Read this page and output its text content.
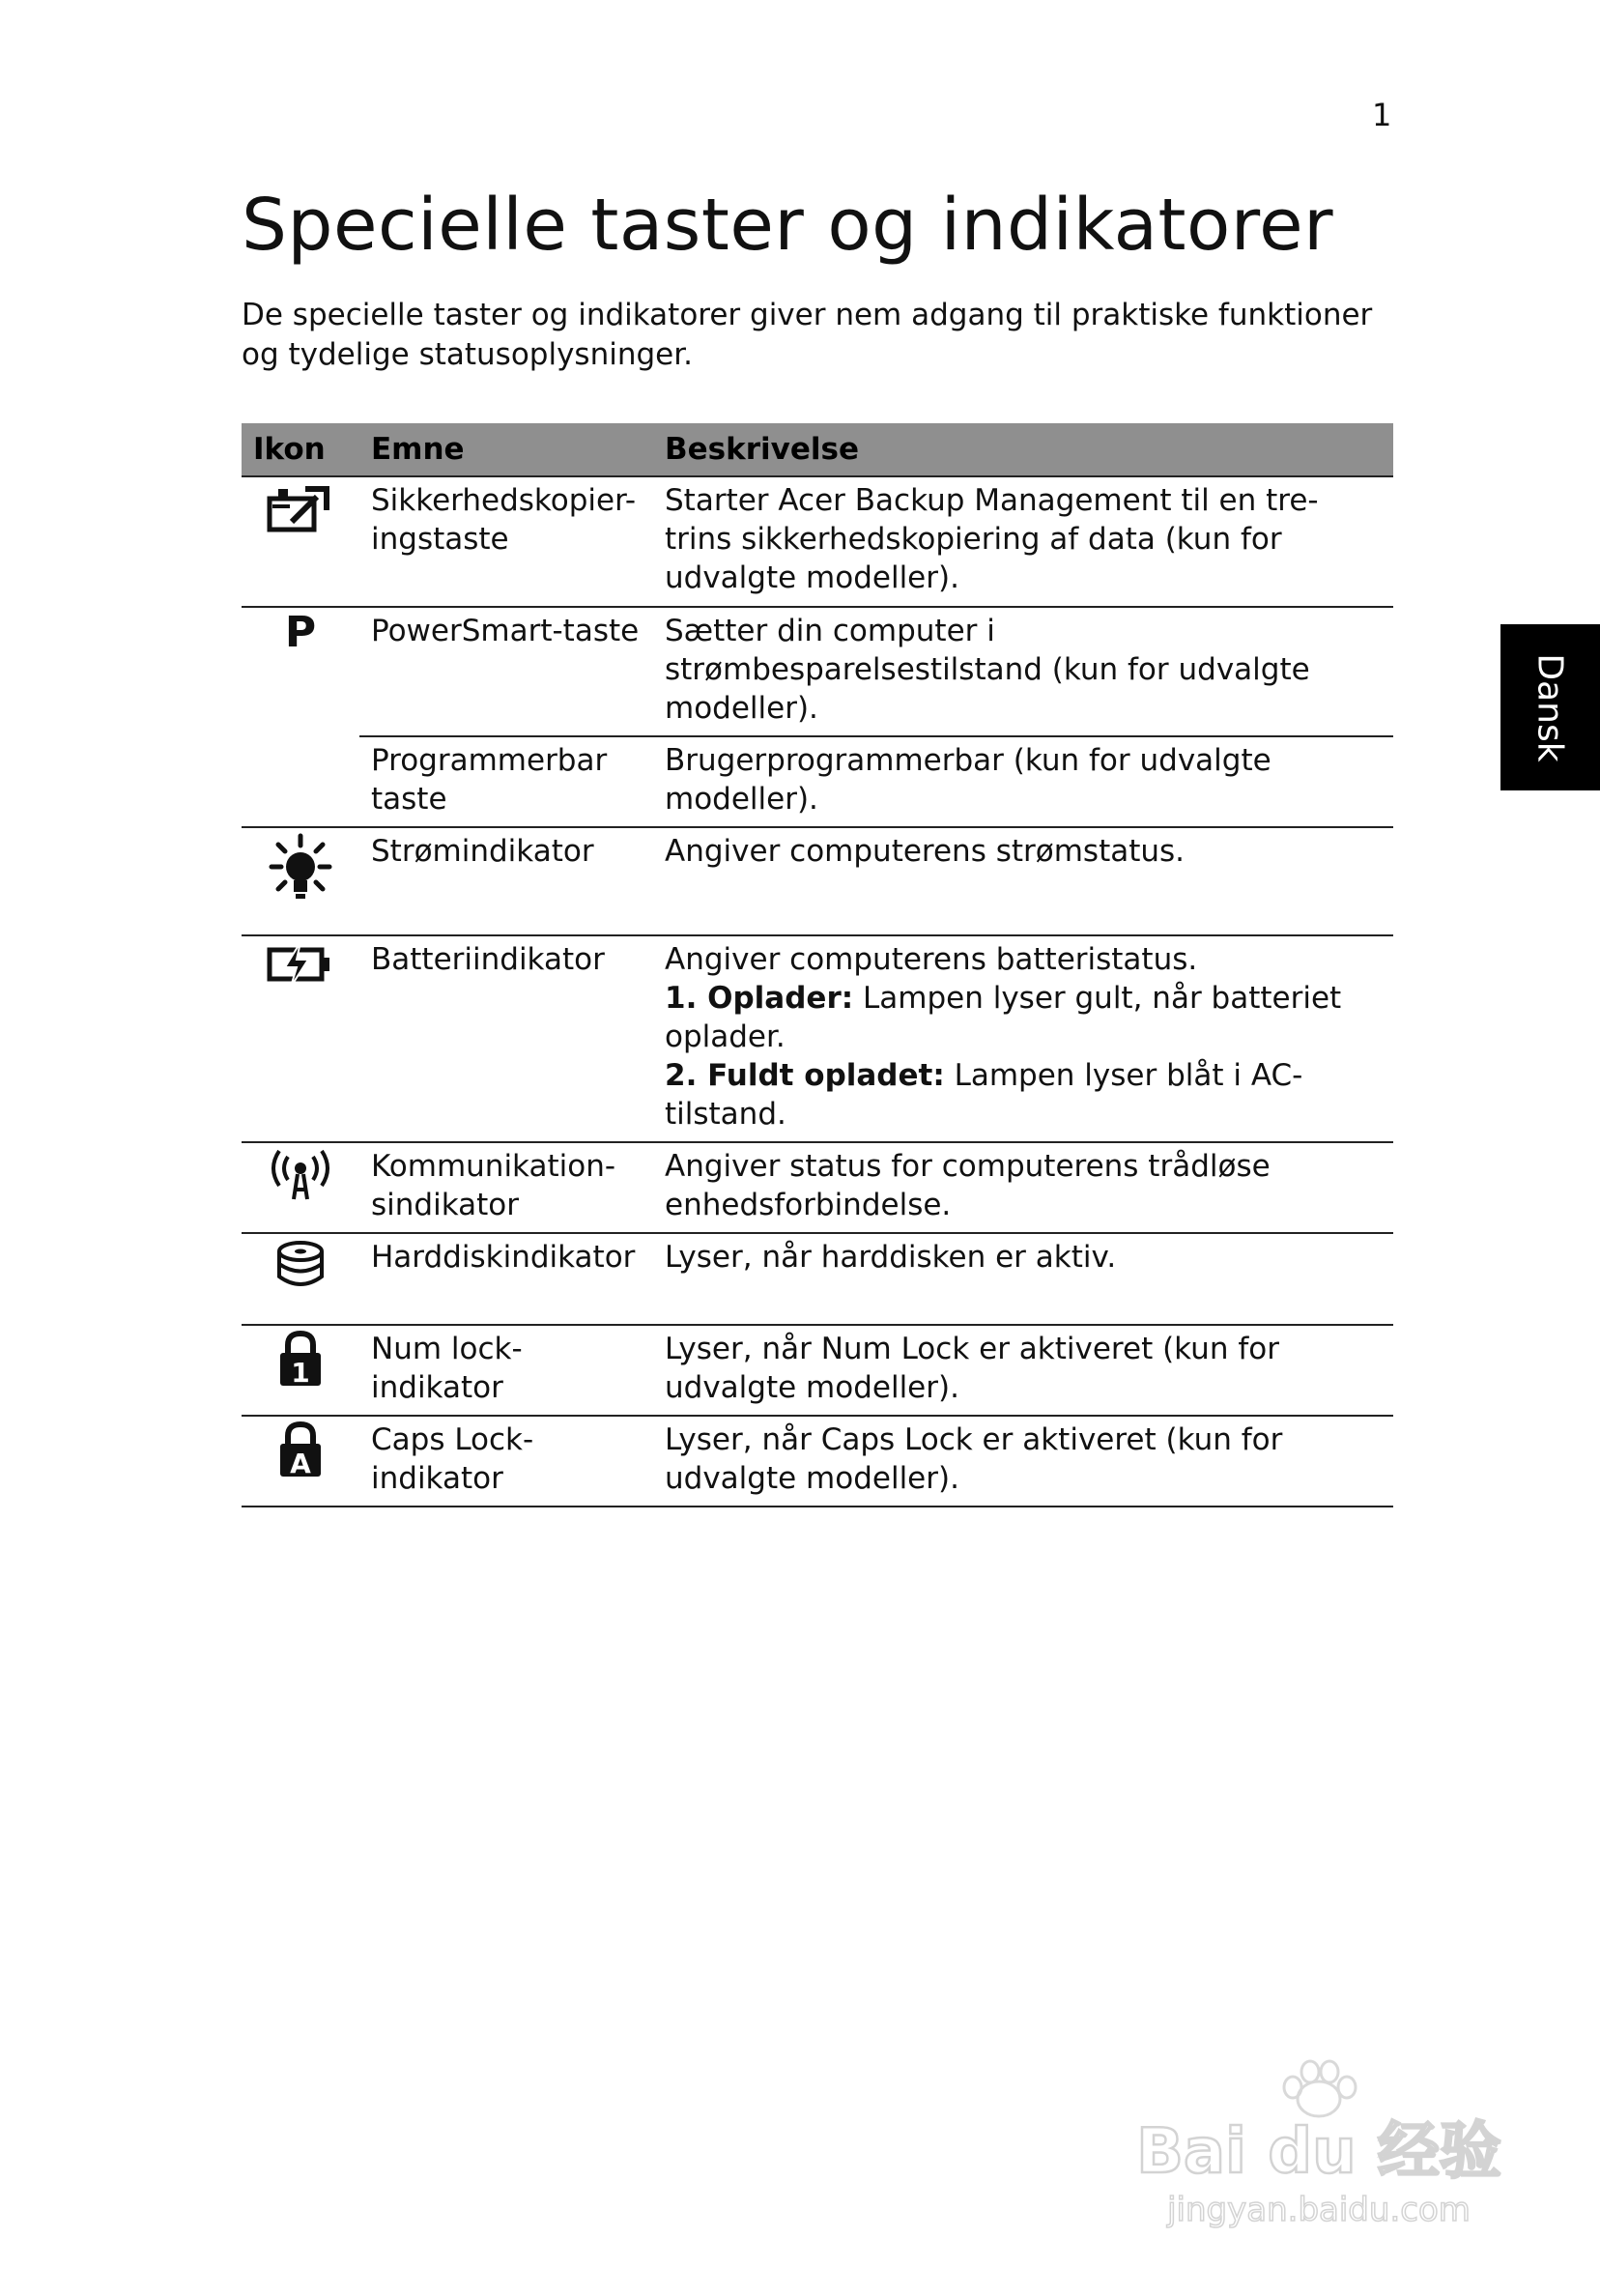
1
Specielle taster og indikatorer

De specielle taster og indikatorer giver nem adgang til praktiske funktioner og tydelige statusoplysninger.

Dansk
Ikon	Emne	Beskrivelse

	Sikkerhedskopier-ingstaste	Starter Acer Backup Management til en tre-trins sikkerhedskopiering af data (kun for udvalgte modeller).
P	PowerSmart-taste	Sætter din computer i strømbesparelsestilstand (kun for udvalgte modeller).
	Programmerbar taste	Brugerprogrammerbar (kun for udvalgte modeller).

	Strømindikator	Angiver computerens strømstatus.

	Batteriindikator	Angiver computerens batteristatus.
1. Oplader: Lampen lyser gult, når batteriet oplader.
2. Fuldt opladet: Lampen lyser blåt i AC-tilstand.

	Kommunikation-sindikator	Angiver status for computerens trådløse enhedsforbindelse.

	Harddiskindikator	Lyser, når harddisken er aktiv.

1	Num lock-indikator	Lyser, når Num Lock er aktiveret (kun for udvalgte modeller).

A	Caps Lock-indikator	Lyser, når Caps Lock er aktiveret (kun for udvalgte modeller).
Bai du 经验
jingyan.baidu.com
